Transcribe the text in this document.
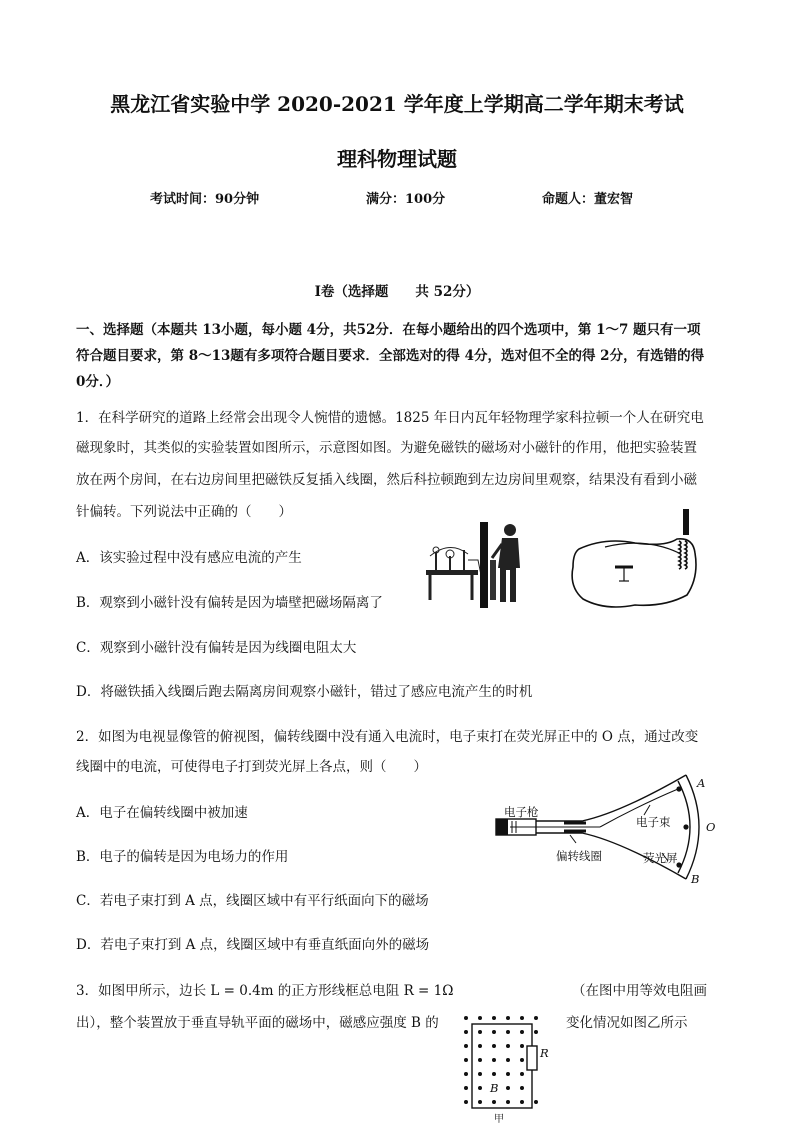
黑龙江省实验中学 2020-2021 学年度上学期高二学年期末考试
理科物理试题
考试时间：90分钟	满分：100分	命题人：董宏智
Ⅰ卷（选择题　　共 52分）
一、选择题（本题共 13小题，每小题 4分，共52分．在每小题给出的四个选项中，第 1～7 题只有一项
符合题目要求，第 8～13题有多项符合题目要求．全部选对的得 4分，选对但不全的得 2分，有选错的得
0分．）
1．在科学研究的道路上经常会出现令人惋惜的遗憾。1825 年日内瓦年轻物理学家科拉顿一个人在研究电
磁现象时，其类似的实验装置如图所示，示意图如图。为避免磁铁的磁场对小磁针的作用，他把实验装置
放在两个房间，在右边房间里把磁铁反复插入线圈，然后科拉顿跑到左边房间里观察，结果没有看到小磁
针偏转。下列说法中正确的（　　）
A．该实验过程中没有感应电流的产生
B．观察到小磁针没有偏转是因为墙壁把磁场隔离了
C．观察到小磁针没有偏转是因为线圈电阻太大
D．将磁铁插入线圈后跑去隔离房间观察小磁针，错过了感应电流产生的时机
2．如图为电视显像管的俯视图，偏转线圈中没有通入电流时，电子束打在荧光屏正中的 O 点，通过改变
线圈中的电流，可使得电子打到荧光屏上各点，则（　　）
A．电子在偏转线圈中被加速
B．电子的偏转是因为电场力的作用
C．若电子束打到 A 点，线圈区域中有平行纸面向下的磁场
D．若电子束打到 A 点，线圈区域中有垂直纸面向外的磁场
电子枪
电子束
偏转线圈	荧光屏
A
O
B
3．如图甲所示，边长 L = 0.4m 的正方形线框总电阻 R = 1Ω	（在图中用等效电阻画
出），整个装置放于垂直导轨平面的磁场中，磁感应强度 B 的	变化情况如图乙所示
R
B
甲
